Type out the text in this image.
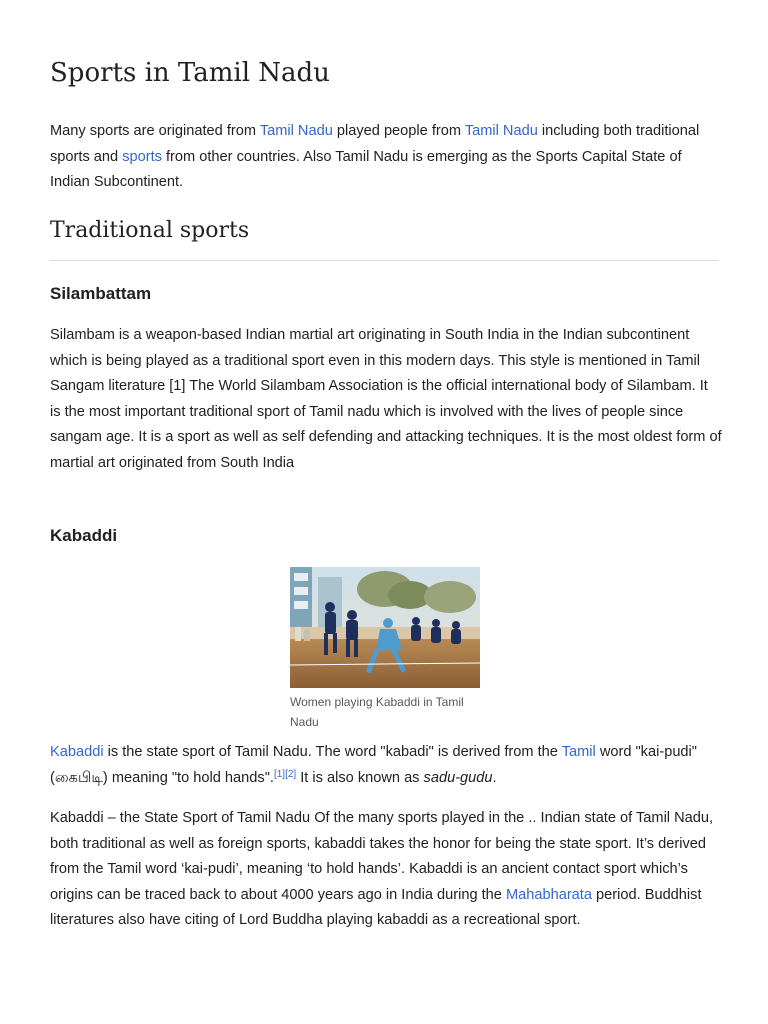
Sports in Tamil Nadu

Many sports are originated from Tamil Nadu played people from Tamil Nadu including both traditional sports and sports from other countries. Also Tamil Nadu is emerging as the Sports Capital State of Indian Subcontinent.

Traditional sports
Silambattam

Silambam is a weapon-based Indian martial art originating in South India in the Indian subcontinent which is being played as a traditional sport even in this modern days. This style is mentioned in Tamil Sangam literature [1] The World Silambam Association is the official international body of Silambam. It is the most important traditional sport of Tamil nadu which is involved with the lives of people since sangam age. It is a sport as well as self defending and attacking techniques. It is the most oldest form of martial art originated from South India

Kabaddi
Women playing Kabaddi in Tamil Nadu

Kabaddi is the state sport of Tamil Nadu. The word "kabadi" is derived from the Tamil word "kai-pudi"(கைபிடி) meaning "to hold hands".[1][2] It is also known as sadu-gudu.

Kabaddi – the State Sport of Tamil Nadu Of the many sports played in the .. Indian state of Tamil Nadu, both traditional as well as foreign sports, kabaddi takes the honor for being the state sport. It’s derived from the Tamil word ‘kai-pudi’, meaning ‘to hold hands’. Kabaddi is an ancient contact sport which’s origins can be traced back to about 4000 years ago in India during the Mahabharata period. Buddhist literatures also have citing of Lord Buddha playing kabaddi as a recreational sport.
